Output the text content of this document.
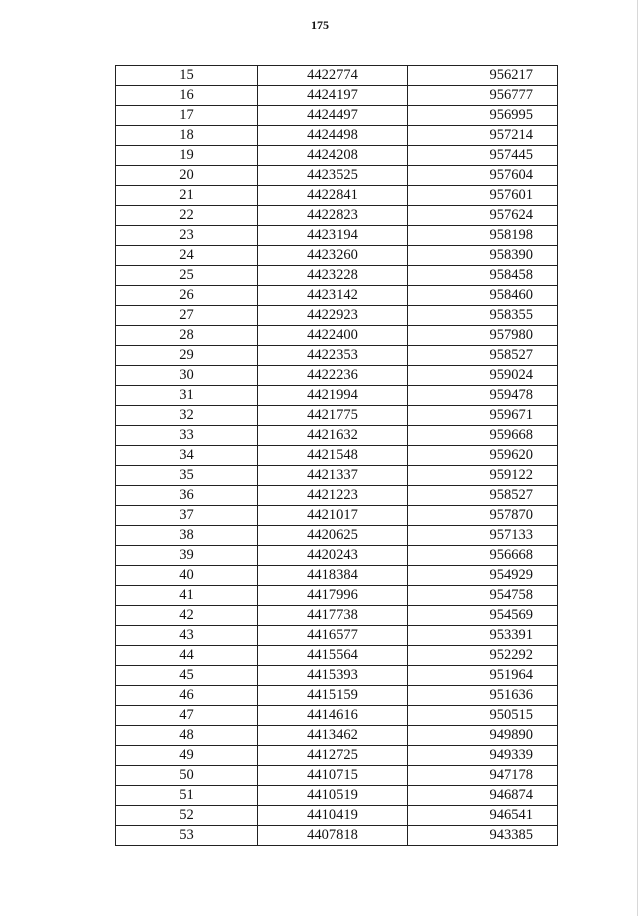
175
15	4422774	956217
16	4424197	956777
17	4424497	956995
18	4424498	957214
19	4424208	957445
20	4423525	957604
21	4422841	957601
22	4422823	957624
23	4423194	958198
24	4423260	958390
25	4423228	958458
26	4423142	958460
27	4422923	958355
28	4422400	957980
29	4422353	958527
30	4422236	959024
31	4421994	959478
32	4421775	959671
33	4421632	959668
34	4421548	959620
35	4421337	959122
36	4421223	958527
37	4421017	957870
38	4420625	957133
39	4420243	956668
40	4418384	954929
41	4417996	954758
42	4417738	954569
43	4416577	953391
44	4415564	952292
45	4415393	951964
46	4415159	951636
47	4414616	950515
48	4413462	949890
49	4412725	949339
50	4410715	947178
51	4410519	946874
52	4410419	946541
53	4407818	943385
